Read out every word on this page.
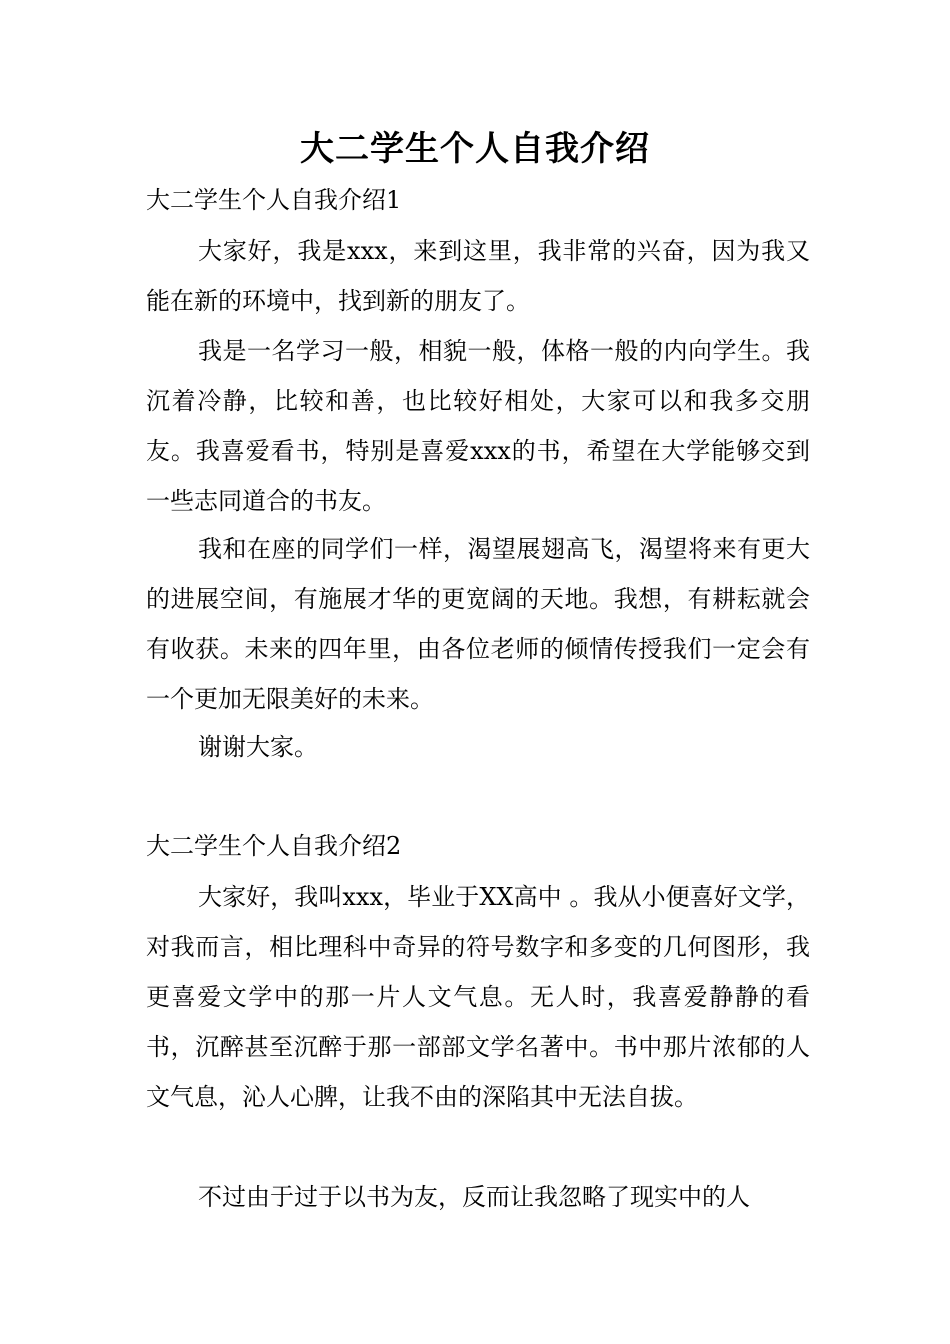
大二学生个人自我介绍

大二学生个人自我介绍1

大家好，我是xxx，来到这里，我非常的兴奋，因为我又能在新的环境中，找到新的朋友了。

我是一名学习一般，相貌一般，体格一般的内向学生。我沉着冷静，比较和善，也比较好相处，大家可以和我多交朋友。我喜爱看书，特别是喜爱xxx的书，希望在大学能够交到一些志同道合的书友。

我和在座的同学们一样，渴望展翅高飞，渴望将来有更大的进展空间，有施展才华的更宽阔的天地。我想，有耕耘就会有收获。未来的四年里，由各位老师的倾情传授我们一定会有一个更加无限美好的未来。

谢谢大家。

大二学生个人自我介绍2

大家好，我叫xxx，毕业于XX高中 。我从小便喜好文学，对我而言，相比理科中奇异的符号数字和多变的几何图形，我更喜爱文学中的那一片人文气息。无人时，我喜爱静静的看书，沉醉甚至沉醉于那一部部文学名著中。书中那片浓郁的人文气息，沁人心脾，让我不由的深陷其中无法自拔。

不过由于过于以书为友，反而让我忽略了现实中的人
